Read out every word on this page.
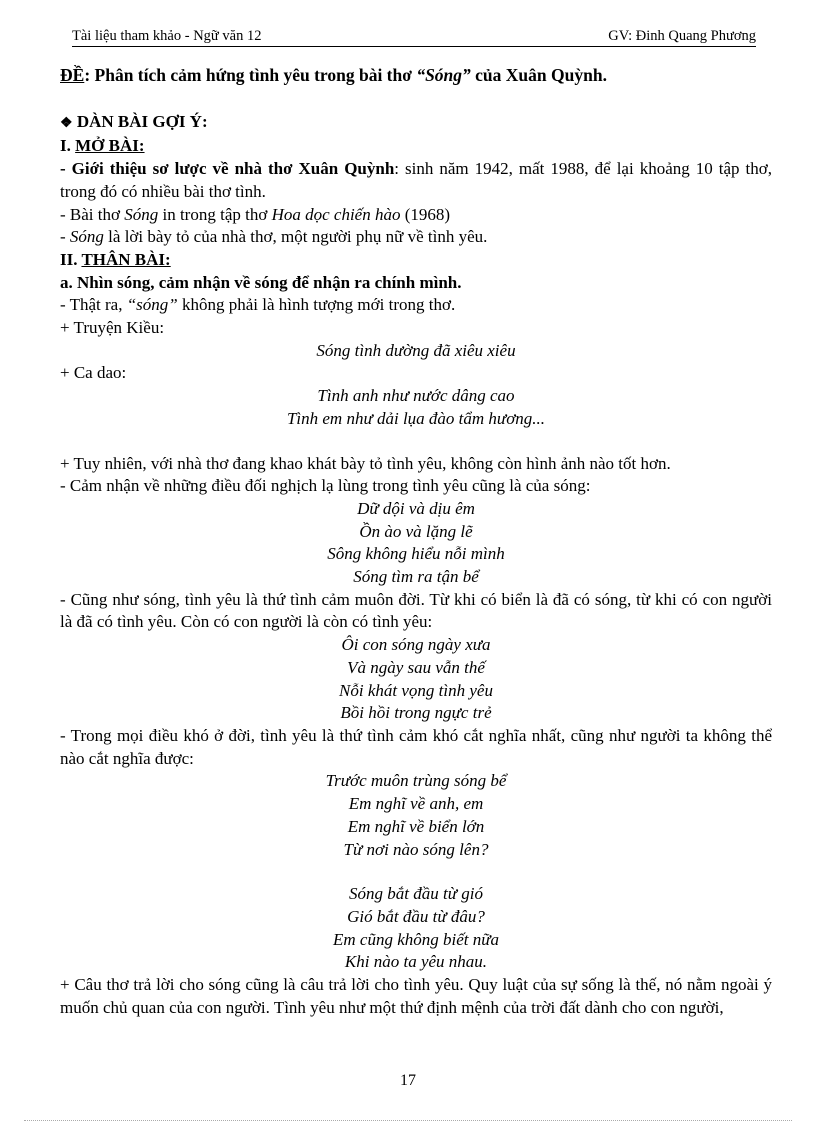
Tài liệu tham khảo - Ngữ văn 12	GV: Đinh Quang Phương

ĐỀ: Phân tích cảm hứng tình yêu trong bài thơ “Sóng” của Xuân Quỳnh.

❖ DÀN BÀI GỢI Ý:

I. MỞ BÀI:

- Giới thiệu sơ lược về nhà thơ Xuân Quỳnh: sinh năm 1942, mất 1988, để lại khoảng 10 tập thơ, trong đó có nhiều bài thơ tình.

- Bài thơ Sóng in trong tập thơ Hoa dọc chiến hào (1968)

- Sóng là lời bày tỏ của nhà thơ, một người phụ nữ về tình yêu.

II. THÂN BÀI:

a. Nhìn sóng, cảm nhận về sóng để nhận ra chính mình.

- Thật ra, “sóng” không phải là hình tượng mới trong thơ.

+ Truyện Kiều:

Sóng tình dường đã xiêu xiêu

+ Ca dao:

Tình anh như nước dâng cao

Tình em như dải lụa đào tẩm hương...

+ Tuy nhiên, với nhà thơ đang khao khát bày tỏ tình yêu, không còn hình ảnh nào tốt hơn.

- Cảm nhận về những điều đối nghịch lạ lùng trong tình yêu cũng là của sóng:

Dữ dội và dịu êm

Ồn ào và lặng lẽ

Sông không hiểu nỗi mình

Sóng tìm ra tận bể

- Cũng như sóng, tình yêu là thứ tình cảm muôn đời. Từ khi có biển là đã có sóng, từ khi có con người là đã có tình yêu. Còn có con người là còn có tình yêu:

Ôi con sóng ngày xưa

Và ngày sau vẫn thế

Nỗi khát vọng tình yêu

Bồi hồi trong ngực trẻ

- Trong mọi điều khó ở đời, tình yêu là thứ tình cảm khó cắt nghĩa nhất, cũng như người ta không thể nào cắt nghĩa được:

Trước muôn trùng sóng bể

Em nghĩ về anh, em

Em nghĩ về biển lớn

Từ nơi nào sóng lên?

Sóng bắt đầu từ gió

Gió bắt đầu từ đâu?

Em cũng không biết nữa

Khi nào ta yêu nhau.

+ Câu thơ trả lời cho sóng cũng là câu trả lời cho tình yêu. Quy luật của sự sống là thế, nó nằm ngoài ý muốn chủ quan của con người. Tình yêu như một thứ định mệnh của trời đất dành cho con người,

17
